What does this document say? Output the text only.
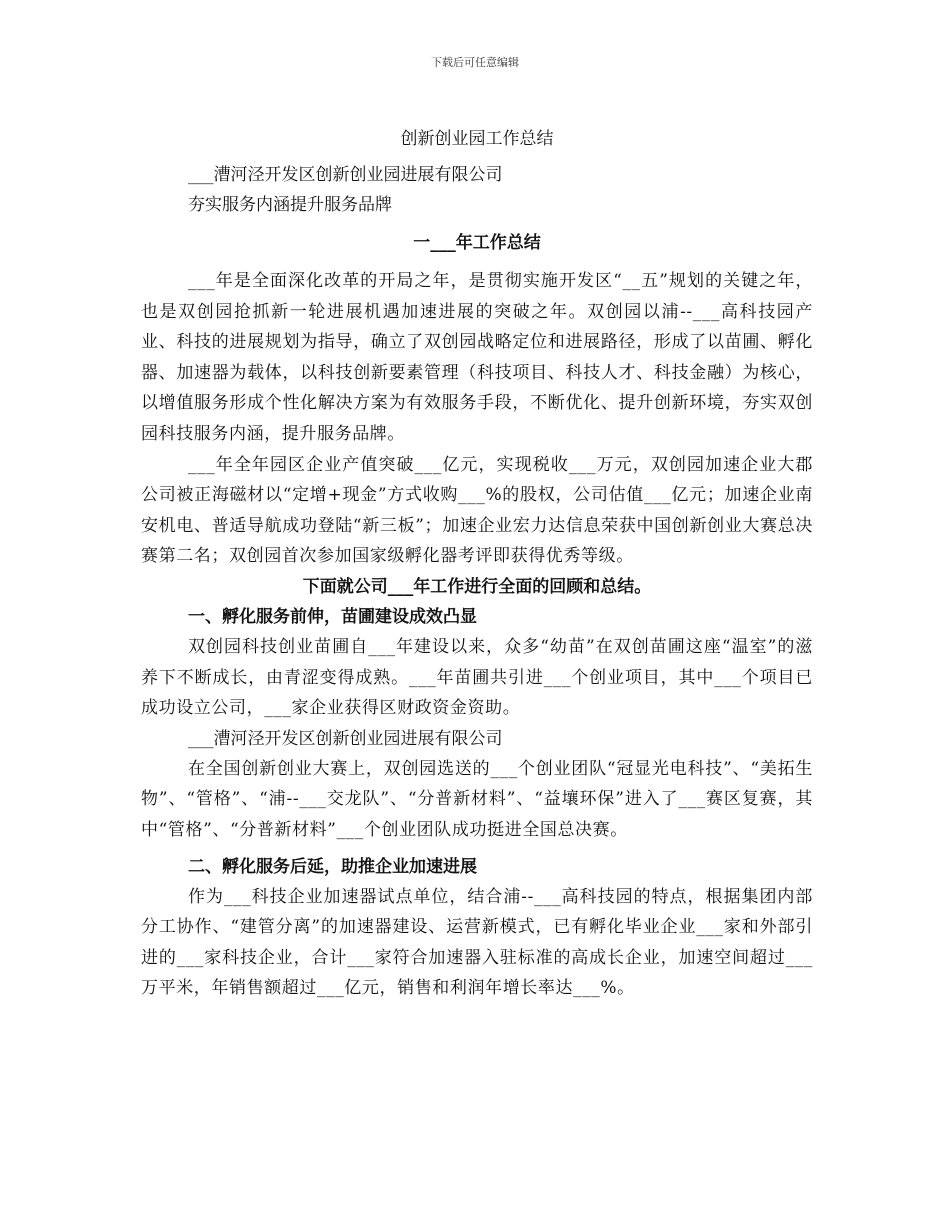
下载后可任意编辑

创新创业园工作总结

___漕河泾开发区创新创业园进展有限公司

夯实服务内涵提升服务品牌

一___年工作总结

___年是全面深化改革的开局之年，是贯彻实施开发区“__五”规划的关键之年，也是双创园抢抓新一轮进展机遇加速进展的突破之年。双创园以浦--___高科技园产业、科技的进展规划为指导，确立了双创园战略定位和进展路径，形成了以苗圃、孵化器、加速器为载体，以科技创新要素管理（科技项目、科技人才、科技金融）为核心，以增值服务形成个性化解决方案为有效服务手段，不断优化、提升创新环境，夯实双创园科技服务内涵，提升服务品牌。

___年全年园区企业产值突破___亿元，实现税收___万元，双创园加速企业大郡公司被正海磁材以“定增+现金”方式收购___%的股权，公司估值___亿元；加速企业南安机电、普适导航成功登陆“新三板”；加速企业宏力达信息荣获中国创新创业大赛总决赛第二名；双创园首次参加国家级孵化器考评即获得优秀等级。

下面就公司___年工作进行全面的回顾和总结。

一、孵化服务前伸，苗圃建设成效凸显

双创园科技创业苗圃自___年建设以来，众多“幼苗”在双创苗圃这座“温室”的滋养下不断成长，由青涩变得成熟。___年苗圃共引进___个创业项目，其中___个项目已成功设立公司，___家企业获得区财政资金资助。

___漕河泾开发区创新创业园进展有限公司

在全国创新创业大赛上，双创园选送的___个创业团队“冠显光电科技”、“美拓生物”、“管格”、“浦--___交龙队”、“分普新材料”、“益壤环保”进入了___赛区复赛，其中“管格”、“分普新材料”___个创业团队成功挺进全国总决赛。

二、孵化服务后延，助推企业加速进展

作为___科技企业加速器试点单位，结合浦--___高科技园的特点，根据集团内部分工协作、“建管分离”的加速器建设、运营新模式，已有孵化毕业企业___家和外部引进的___家科技企业，合计___家符合加速器入驻标准的高成长企业，加速空间超过___万平米，年销售额超过___亿元，销售和利润年增长率达___%。
